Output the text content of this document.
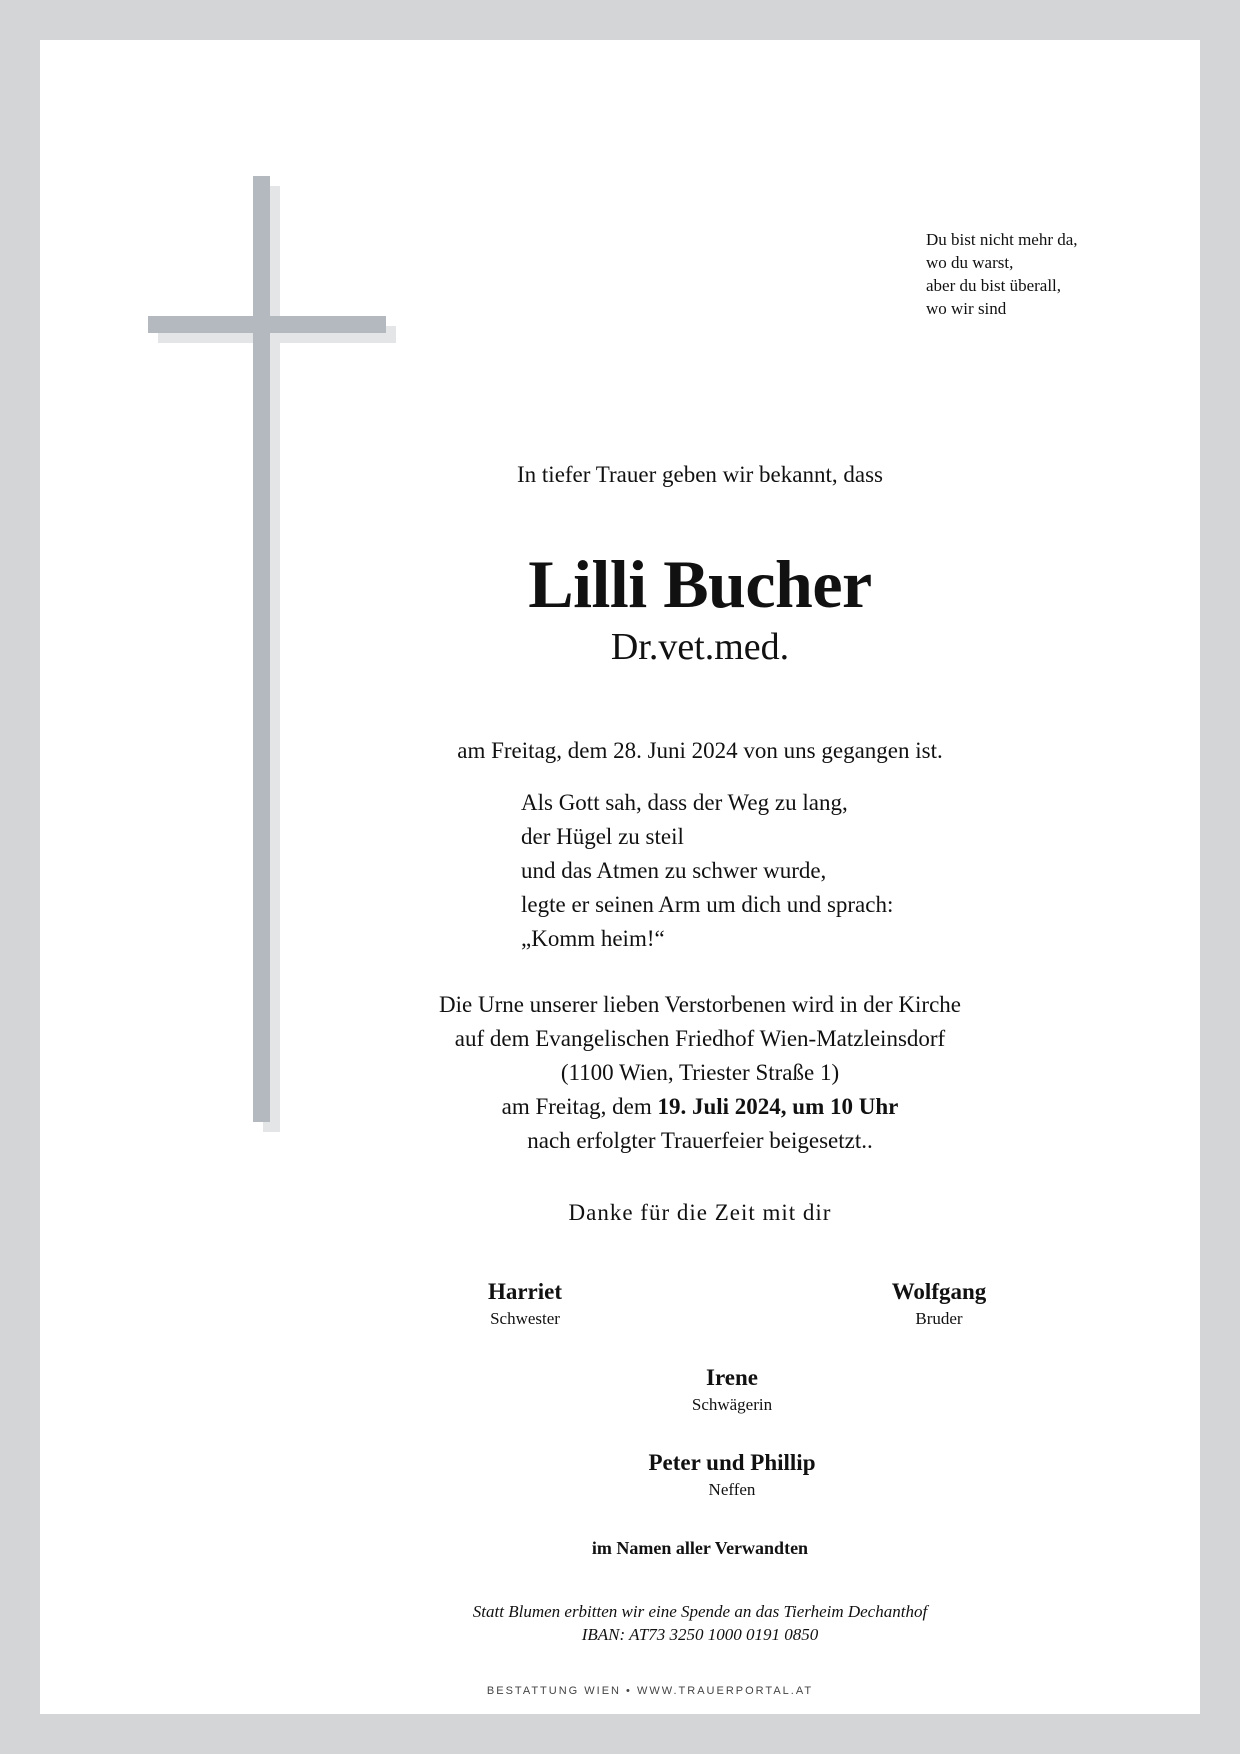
Du bist nicht mehr da,
wo du warst,
aber du bist überall,
wo wir sind
In tiefer Trauer geben wir bekannt, dass
Lilli Bucher
Dr.vet.med.
am Freitag, dem 28. Juni 2024 von uns gegangen ist.
Als Gott sah, dass der Weg zu lang,
der Hügel zu steil
und das Atmen zu schwer wurde,
legte er seinen Arm um dich und sprach:
„Komm heim!“
Die Urne unserer lieben Verstorbenen wird in der Kirche
auf dem Evangelischen Friedhof Wien-Matzleinsdorf
(1100 Wien, Triester Straße 1)
am Freitag, dem 19. Juli 2024, um 10 Uhr
nach erfolgter Trauerfeier beigesetzt..
Danke für die Zeit mit dir
Harriet
Schwester
Wolfgang
Bruder
Irene
Schwägerin
Peter und Phillip
Neffen
im Namen aller Verwandten
Statt Blumen erbitten wir eine Spende an das Tierheim Dechanthof
IBAN: AT73 3250 1000 0191 0850
BESTATTUNG WIEN • WWW.TRAUERPORTAL.AT
